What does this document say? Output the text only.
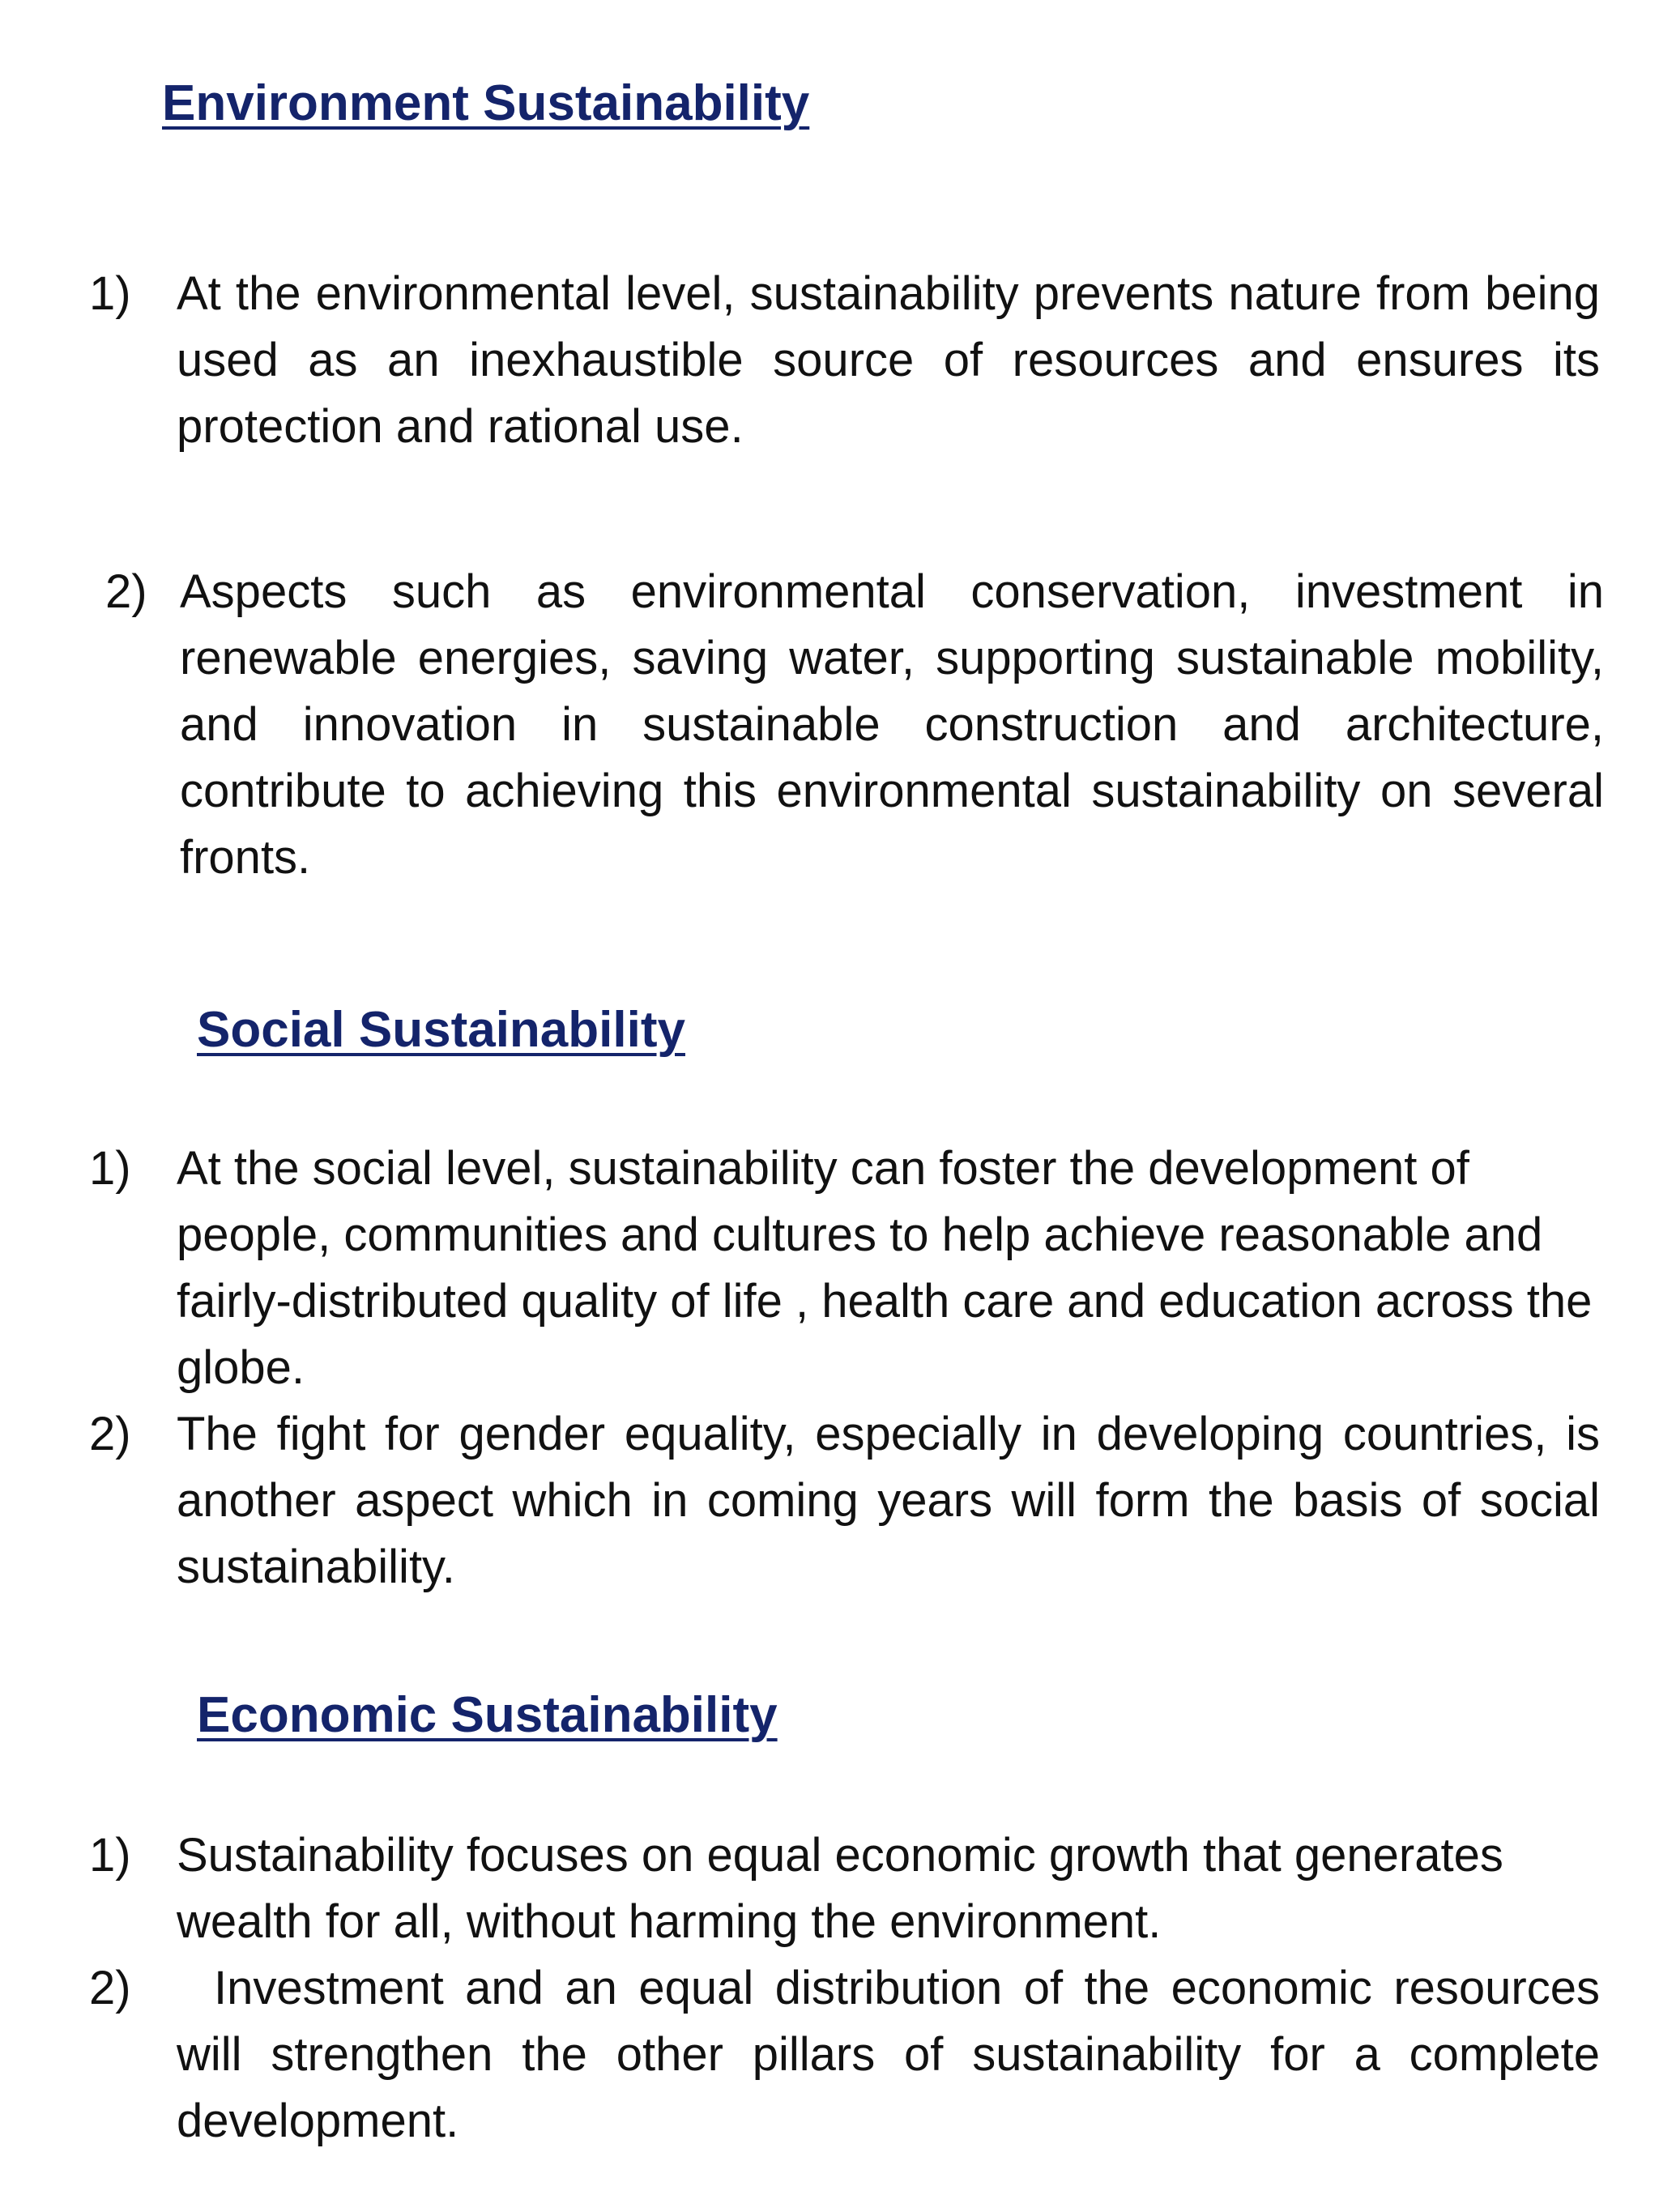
Environment Sustainability
1) At the environmental level, sustainability prevents nature from being used as an inexhaustible source of resources and ensures its protection and rational use.

2) Aspects such as environmental conservation, investment in renewable energies, saving water, supporting sustainable mobility, and innovation in sustainable construction and architecture, contribute to achieving this environmental sustainability on several fronts.

Social Sustainability
1) At the social level, sustainability can foster the development of people, communities and cultures to help achieve reasonable and fairly-distributed quality of life , health care and education across the globe.

2) The fight for gender equality, especially in developing countries, is another aspect which in coming years will form the basis of social sustainability.

Economic Sustainability
1) Sustainability focuses on equal economic growth that generates wealth for all, without harming the environment.

2)	Investment and an equal distribution of the economic resources will strengthen the other pillars of sustainability for a complete development.
